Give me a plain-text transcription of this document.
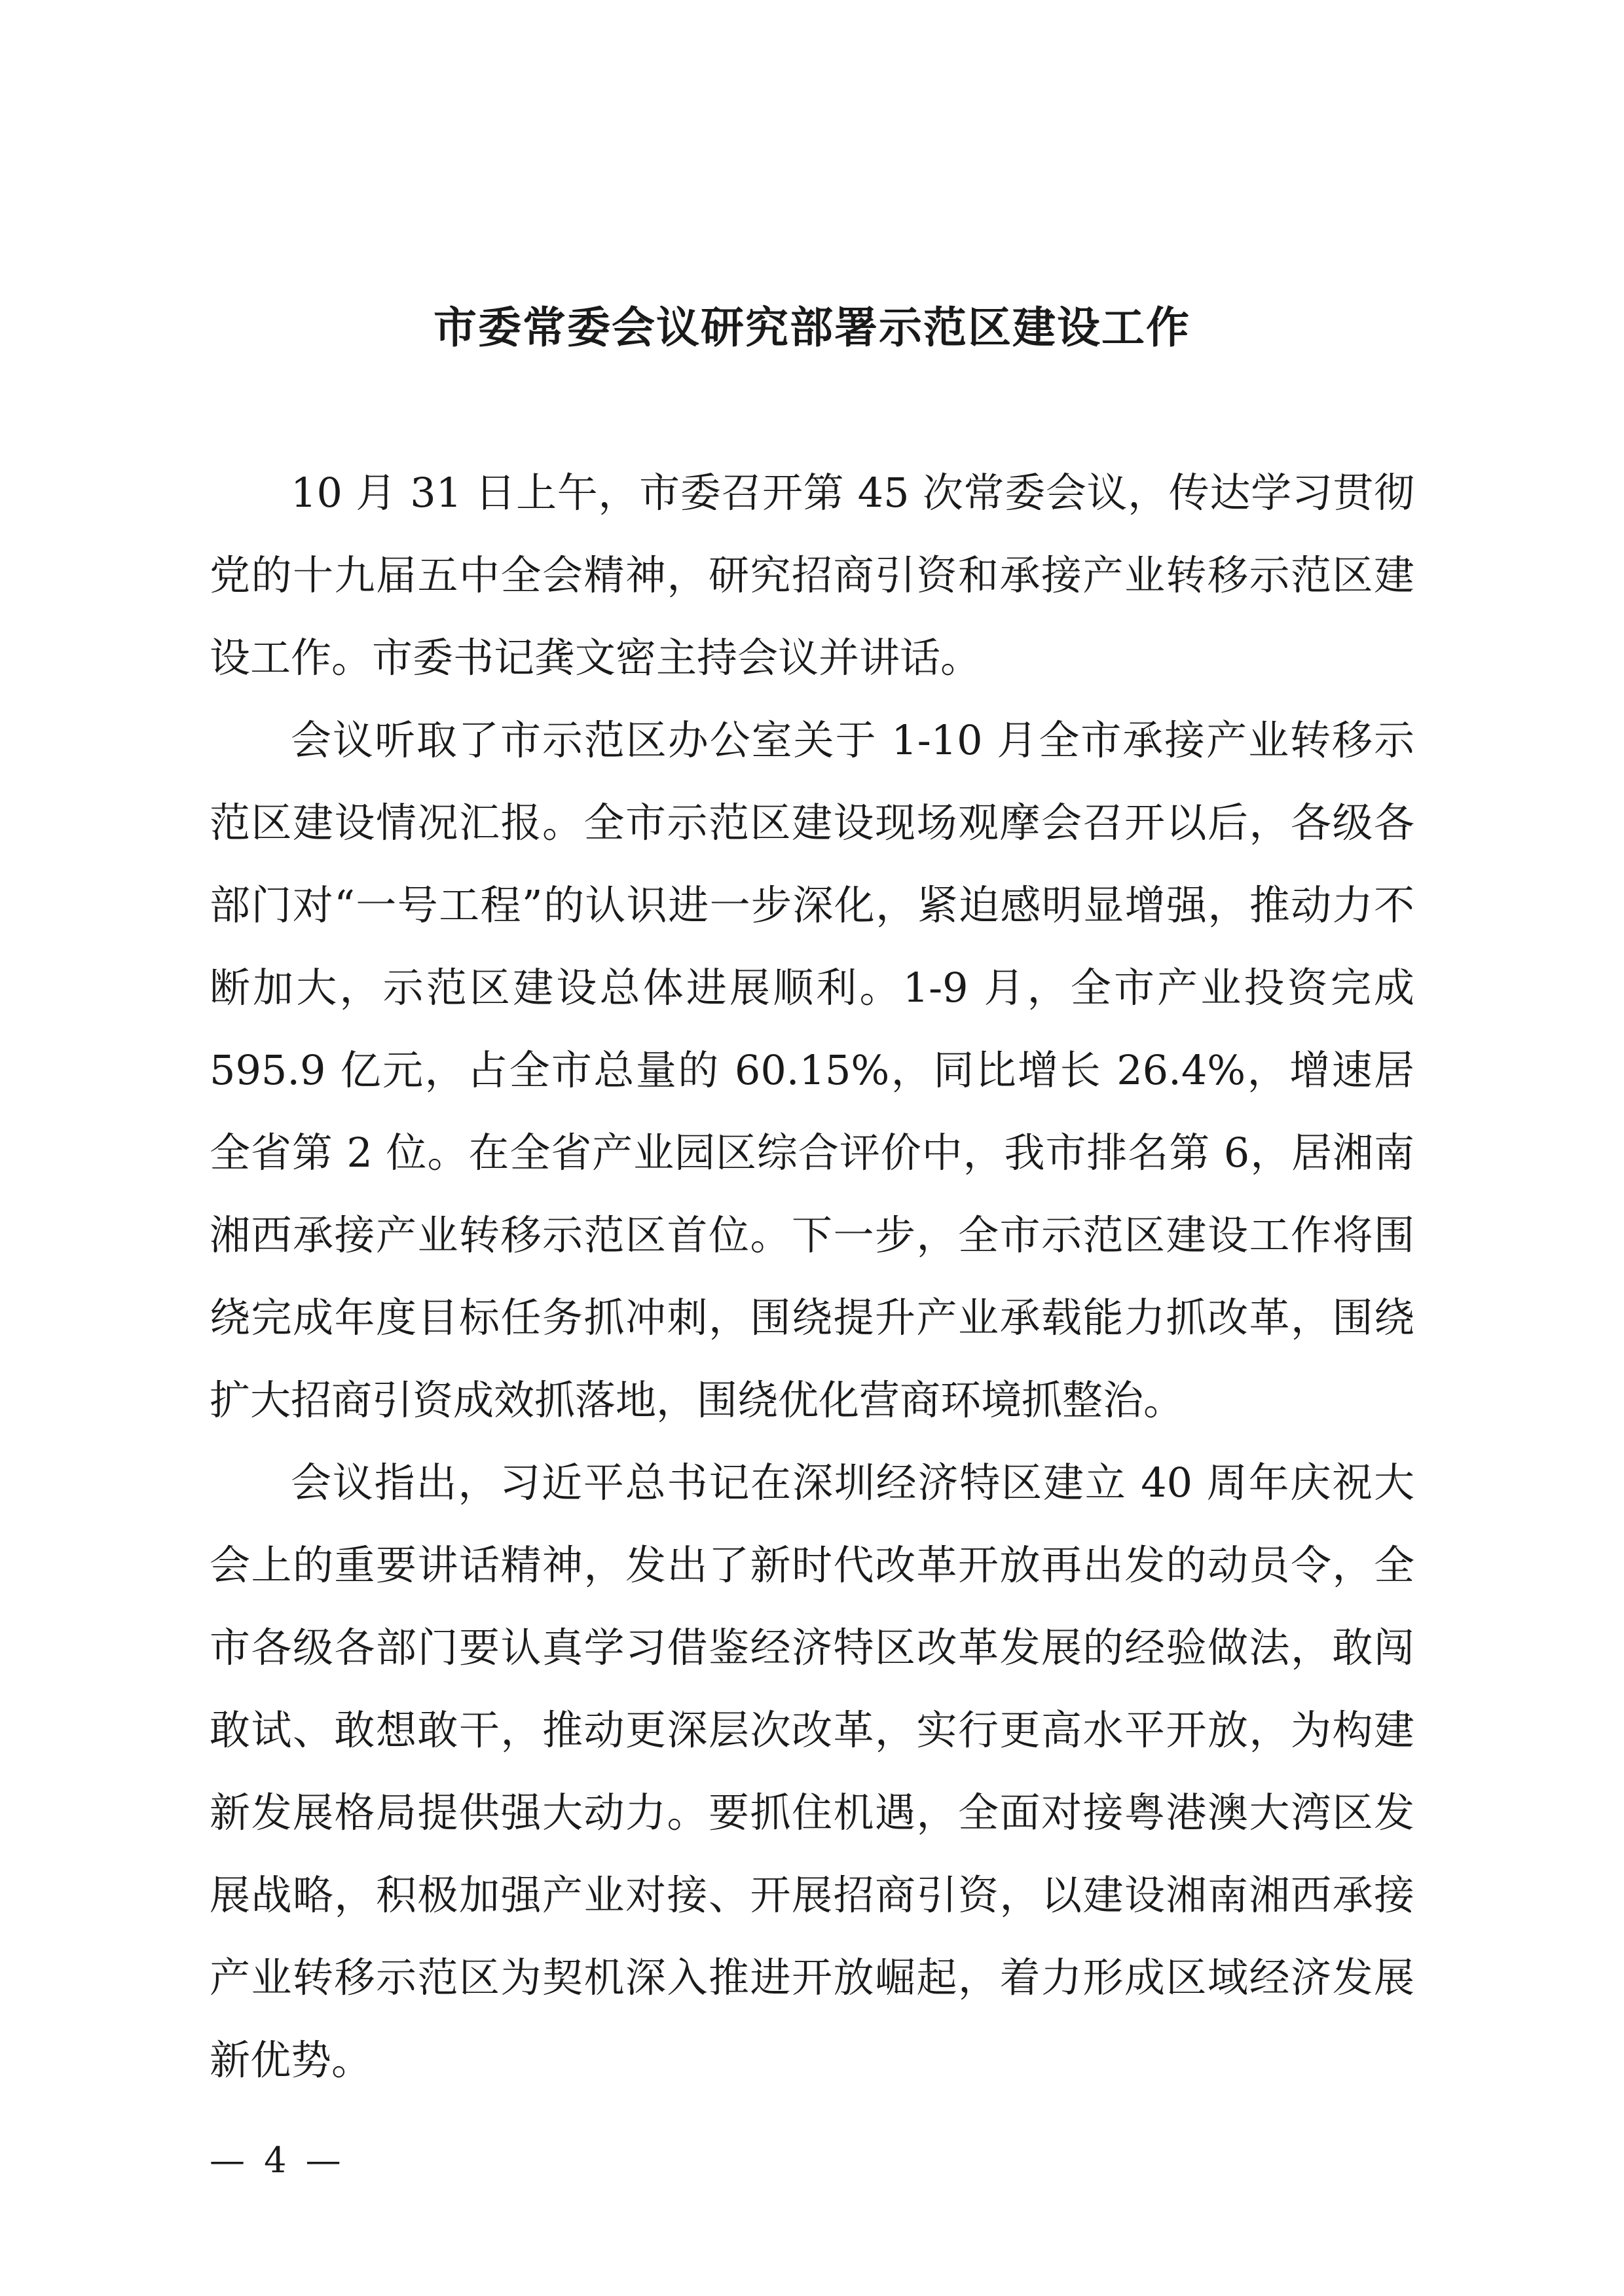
市委常委会议研究部署示范区建设工作

10 月 31 日上午，市委召开第 45 次常委会议，传达学习贯彻党的十九届五中全会精神，研究招商引资和承接产业转移示范区建设工作。市委书记龚文密主持会议并讲话。

会议听取了市示范区办公室关于 1-10 月全市承接产业转移示范区建设情况汇报。全市示范区建设现场观摩会召开以后，各级各部门对“一号工程”的认识进一步深化，紧迫感明显增强，推动力不断加大，示范区建设总体进展顺利。1-9 月，全市产业投资完成 595.9 亿元，占全市总量的 60.15%，同比增长 26.4%，增速居全省第 2 位。在全省产业园区综合评价中，我市排名第 6，居湘南湘西承接产业转移示范区首位。下一步，全市示范区建设工作将围绕完成年度目标任务抓冲刺，围绕提升产业承载能力抓改革，围绕扩大招商引资成效抓落地，围绕优化营商环境抓整治。

会议指出，习近平总书记在深圳经济特区建立 40 周年庆祝大会上的重要讲话精神，发出了新时代改革开放再出发的动员令，全市各级各部门要认真学习借鉴经济特区改革发展的经验做法，敢闯敢试、敢想敢干，推动更深层次改革，实行更高水平开放，为构建新发展格局提供强大动力。要抓住机遇，全面对接粤港澳大湾区发展战略，积极加强产业对接、开展招商引资，以建设湘南湘西承接产业转移示范区为契机深入推进开放崛起，着力形成区域经济发展新优势。

— 4 —
